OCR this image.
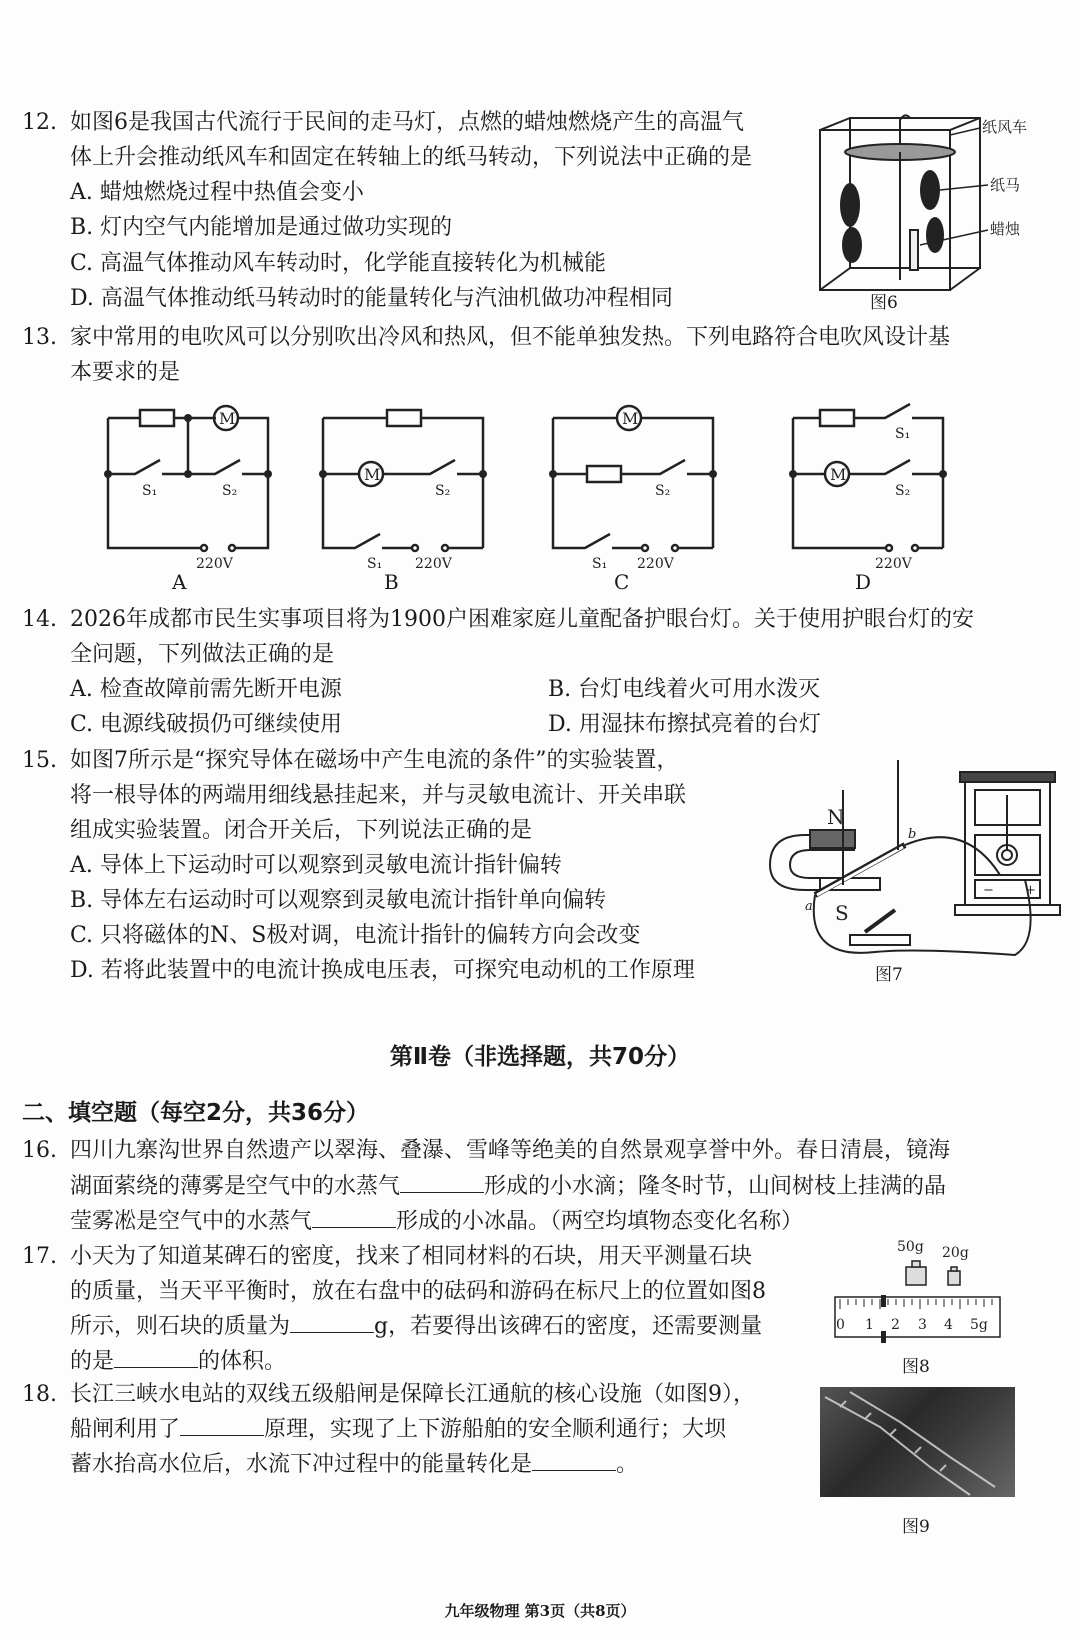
12. 如图6是我国古代流行于民间的走马灯，点燃的蜡烛燃烧产生的高温气
体上升会推动纸风车和固定在转轴上的纸马转动，下列说法中正确的是
A. 蜡烛燃烧过程中热值会变小
B. 灯内空气内能增加是通过做功实现的
C. 高温气体推动风车转动时，化学能直接转化为机械能
D. 高温气体推动纸马转动时的能量转化与汽油机做功冲程相同
纸风车
纸马
蜡烛
图6
13. 家中常用的电吹风可以分别吹出冷风和热风，但不能单独发热。下列电路符合电吹风设计基
本要求的是
M
S₁	S₂
220V
M
S₂
S₁ 220V
M
S₂
S₁ 220V
M
S₁
S₂
220V
A	B	C	D
14. 2026年成都市民生实事项目将为1900户困难家庭儿童配备护眼台灯。关于使用护眼台灯的安
全问题，下列做法正确的是
A. 检查故障前需先断开电源	B. 台灯电线着火可用水泼灭
C. 电源线破损仍可继续使用	D. 用湿抹布擦拭亮着的台灯
15. 如图7所示是“探究导体在磁场中产生电流的条件”的实验装置，
将一根导体的两端用细线悬挂起来，并与灵敏电流计、开关串联
组成实验装置。闭合开关后，下列说法正确的是
A. 导体上下运动时可以观察到灵敏电流计指针偏转
B. 导体左右运动时可以观察到灵敏电流计指针单向偏转
C. 只将磁体的N、S极对调，电流计指针的偏转方向会改变
D. 若将此装置中的电流计换成电压表，可探究电动机的工作原理
N
S
a
b
− +
图7
第Ⅱ卷（非选择题，共70分）
二、填空题（每空2分，共36分）
16. 四川九寨沟世界自然遗产以翠海、叠瀑、雪峰等绝美的自然景观享誉中外。春日清晨，镜海
湖面萦绕的薄雾是空气中的水蒸气	形成的小水滴；隆冬时节，山间树枝上挂满的晶
莹雾凇是空气中的水蒸气	形成的小冰晶。（两空均填物态变化名称）
17. 小天为了知道某碑石的密度，找来了相同材料的石块，用天平测量石块
的质量，当天平平衡时，放在右盘中的砝码和游码在标尺上的位置如图8
所示，则石块的质量为	g，若要得出该碑石的密度，还需要测量
的是	的体积。
50g 20g
0 1 2 3 4 5g
图8
18. 长江三峡水电站的双线五级船闸是保障长江通航的核心设施（如图9），
船闸利用了	原理，实现了上下游船舶的安全顺利通行；大坝
蓄水抬高水位后，水流下冲过程中的能量转化是	。
图9
九年级物理 第3页（共8页）
